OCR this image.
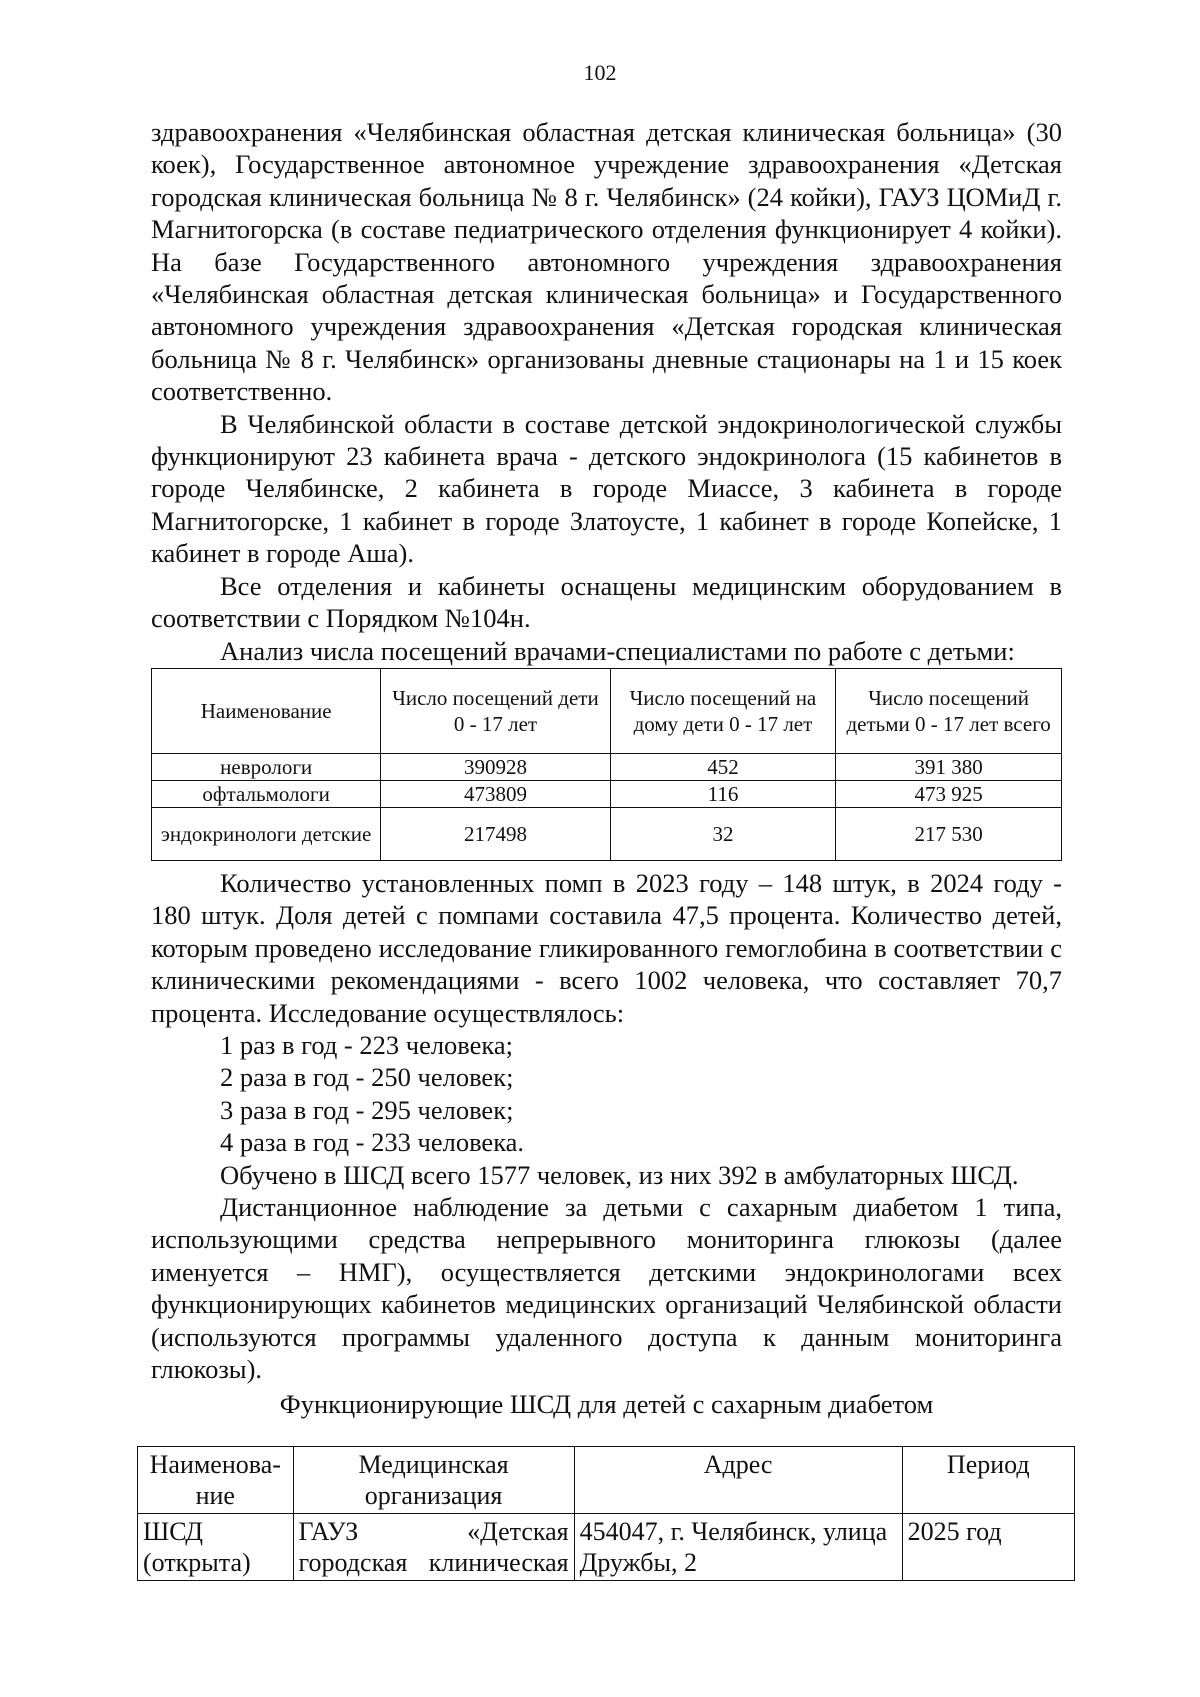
102

здравоохранения «Челябинская областная детская клиническая больница» (30 коек), Государственное автономное учреждение здравоохранения «Детская городская клиническая больница № 8 г. Челябинск» (24 койки), ГАУЗ ЦОМиД г. Магнитогорска (в составе педиатрического отделения функционирует 4 койки). На базе Государственного автономного учреждения здравоохранения «Челябинская областная детская клиническая больница» и Государственного автономного учреждения здравоохранения «Детская городская клиническая больница № 8 г. Челябинск» организованы дневные стационары на 1 и 15 коек соответственно.

В Челябинской области в составе детской эндокринологической службы функционируют 23 кабинета врача - детского эндокринолога (15 кабинетов в городе Челябинске, 2 кабинета в городе Миассе, 3 кабинета в городе Магнитогорске, 1 кабинет в городе Златоусте, 1 кабинет в городе Копейске, 1 кабинет в городе Аша).

Все отделения и кабинеты оснащены медицинским оборудованием в соответствии с Порядком №104н.

Анализ числа посещений врачами-специалистами по работе с детьми:

Наименование	Число посещений дети 0 - 17 лет	Число посещений на дому дети 0 - 17 лет	Число посещений детьми 0 - 17 лет всего
неврологи	390928	452	391 380
офтальмологи	473809	116	473 925
эндокринологи детские	217498	32	217 530

Количество установленных помп в 2023 году – 148 штук, в 2024 году - 180 штук. Доля детей с помпами составила 47,5 процента. Количество детей, которым проведено исследование гликированного гемоглобина в соответствии с клиническими рекомендациями - всего 1002 человека, что составляет 70,7 процента. Исследование осуществлялось:

1 раз в год - 223 человека;

2 раза в год - 250 человек;

3 раза в год - 295 человек;

4 раза в год - 233 человека.

Обучено в ШСД всего 1577 человек, из них 392 в амбулаторных ШСД.

Дистанционное наблюдение за детьми с сахарным диабетом 1 типа, использующими средства непрерывного мониторинга глюкозы (далее именуется – НМГ), осуществляется детскими эндокринологами всех функционирующих кабинетов медицинских организаций Челябинской области (используются программы удаленного доступа к данным мониторинга глюкозы).

Функционирующие ШСД для детей с сахарным диабетом
Наименова-ние	Медицинская организация	Адрес	Период
ШСД (открыта)	ГАУЗ «Детская городская клиническая	454047, г. Челябинск, улица Дружбы, 2	2025 год
